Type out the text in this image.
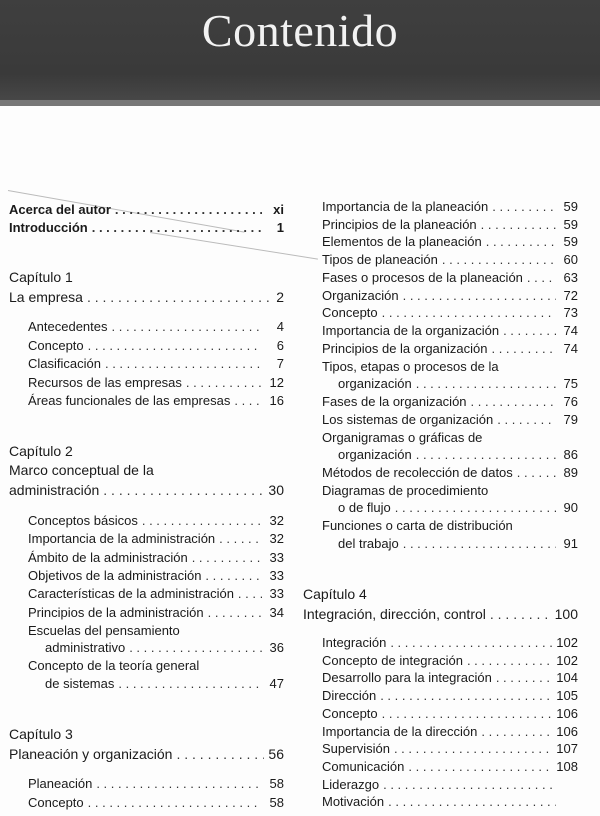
Contenido
Acerca del autor . . .	xi
Introducción . . .	1
Capítulo 1
La empresa . . .	2
Antecedentes . . .	4
Concepto . . .	6
Clasificación . . .	7
Recursos de las empresas . . .	12
Áreas funcionales de las empresas . . .	16
Capítulo 2
Marco conceptual de la
administración . . .	30
Conceptos básicos . . .	32
Importancia de la administración . . .	32
Ámbito de la administración . . .	33
Objetivos de la administración . . .	33
Características de la administración . . .	33
Principios de la administración . . .	34
Escuelas del pensamiento
administrativo . . .	36
Concepto de la teoría general
de sistemas . . .	47
Capítulo 3
Planeación y organización . . .	56
Planeación . . .	58
Concepto . . .	58
Importancia de la planeación . . .	59
Principios de la planeación . . .	59
Elementos de la planeación . . .	59
Tipos de planeación . . .	60
Fases o procesos de la planeación . . .	63
Organización . . .	72
Concepto . . .	73
Importancia de la organización . . .	74
Principios de la organización . . .	74
Tipos, etapas o procesos de la
organización . . .	75
Fases de la organización . . .	76
Los sistemas de organización . . .	79
Organigramas o gráficas de
organización . . .	86
Métodos de recolección de datos . . .	89
Diagramas de procedimiento
o de flujo . . .	90
Funciones o carta de distribución
del trabajo . . .	91
Capítulo 4
Integración, dirección, control . . .	100
Integración . . .	102
Concepto de integración . . .	102
Desarrollo para la integración . . .	104
Dirección . . .	105
Concepto . . .	106
Importancia de la dirección . . .	106
Supervisión . . .	107
Comunicación . . .	108
Liderazgo
. . .
Motivación
. . .
